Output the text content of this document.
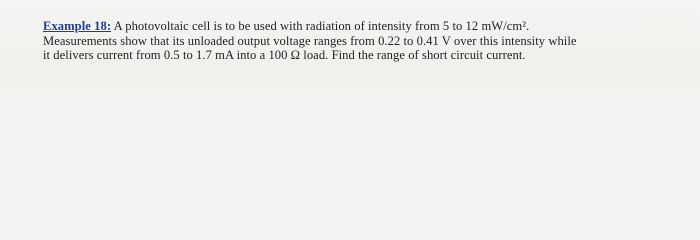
Example 18: A photovoltaic cell is to be used with radiation of intensity from 5 to 12 mW/cm².
Measurements show that its unloaded output voltage ranges from 0.22 to 0.41 V over this intensity while
it delivers current from 0.5 to 1.7 mA into a 100 Ω load. Find the range of short circuit current.
